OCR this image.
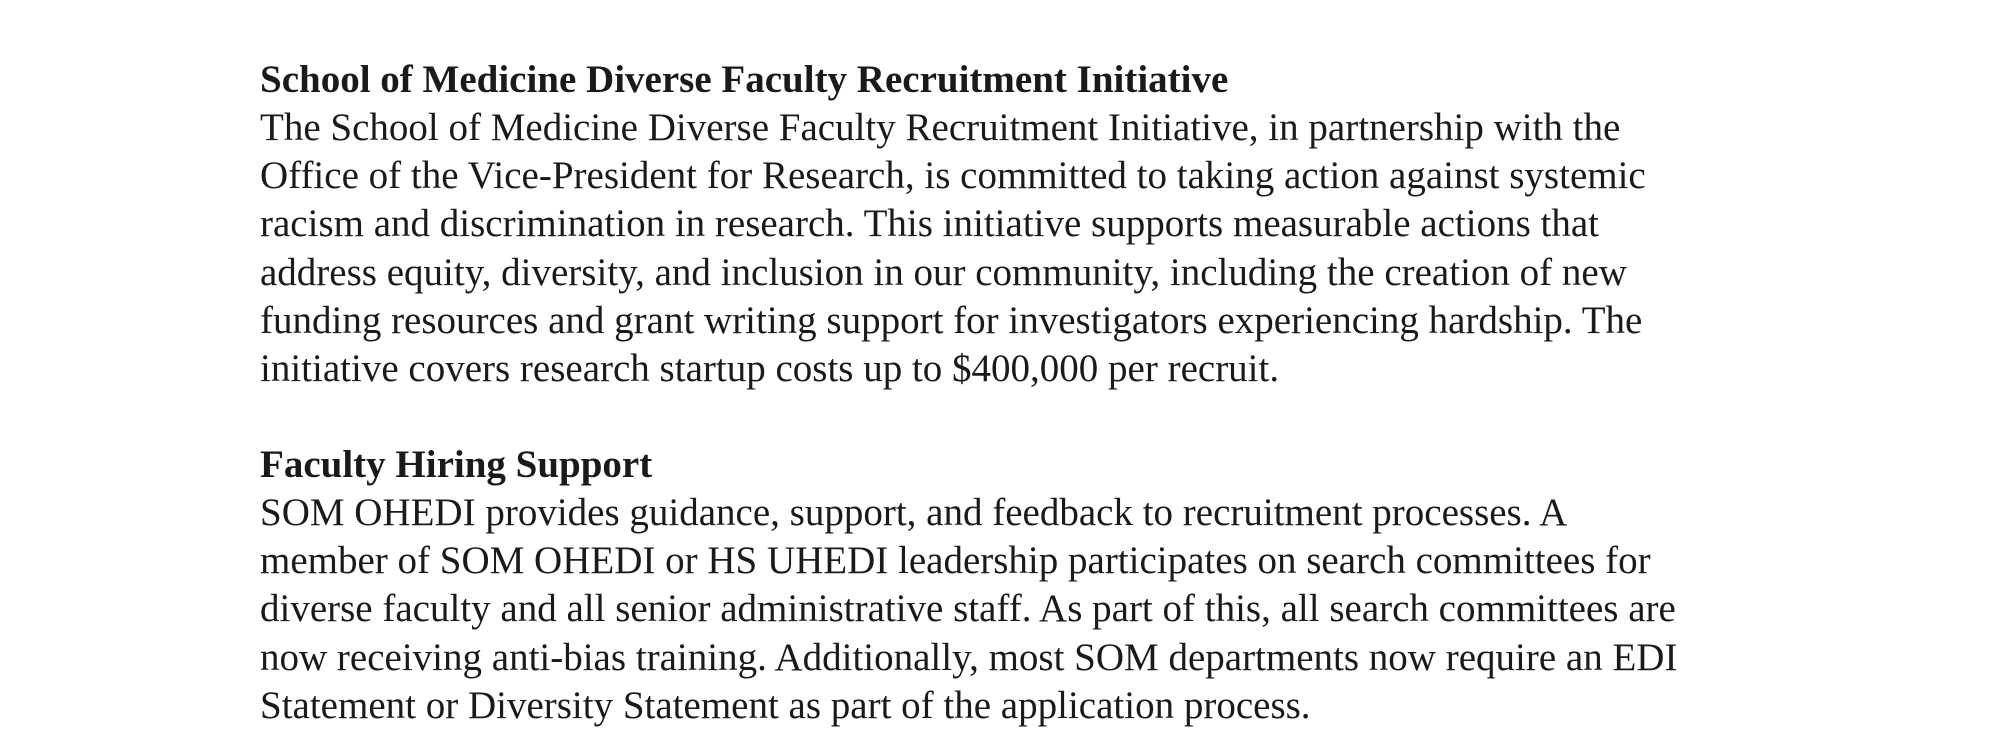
School of Medicine Diverse Faculty Recruitment Initiative

The School of Medicine Diverse Faculty Recruitment Initiative, in partnership with the
Office of the Vice-President for Research, is committed to taking action against systemic
racism and discrimination in research. This initiative supports measurable actions that
address equity, diversity, and inclusion in our community, including the creation of new
funding resources and grant writing support for investigators experiencing hardship. The
initiative covers research startup costs up to $400,000 per recruit.

Faculty Hiring Support

SOM OHEDI provides guidance, support, and feedback to recruitment processes. A
member of SOM OHEDI or HS UHEDI leadership participates on search committees for
diverse faculty and all senior administrative staff. As part of this, all search committees are
now receiving anti-bias training. Additionally, most SOM departments now require an EDI
Statement or Diversity Statement as part of the application process.
